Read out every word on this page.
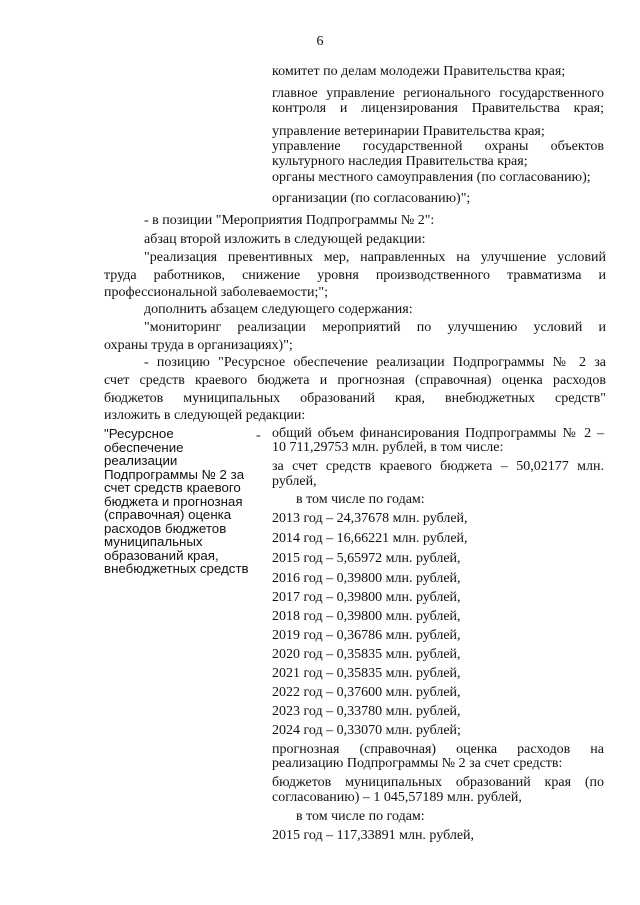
6
комитет по делам молодежи Правительства края;
главное управление регионального государственного контроля и лицензирования Правительства края;
управление ветеринарии Правительства края;
управление государственной охраны объектов культурного наследия Правительства края;
органы местного самоуправления (по согласованию);
организации (по согласованию)";
- в позиции "Мероприятия Подпрограммы № 2":
абзац второй изложить в следующей редакции:
"реализация превентивных мер, направленных на улучшение условий
труда работников, снижение уровня производственного травматизма и
профессиональной заболеваемости;";
дополнить абзацем следующего содержания:
"мониторинг реализации мероприятий по улучшению условий и
охраны труда в организациях)";
- позицию "Ресурсное обеспечение реализации Подпрограммы № 2 за
счет средств краевого бюджета и прогнозная (справочная) оценка расходов
бюджетов муниципальных образований края, внебюджетных средств"
изложить в следующей редакции:
"Ресурсное обеспечение реализации Подпрограммы № 2 за счет средств краевого бюджета и прогнозная (справочная) оценка расходов бюджетов муниципальных образований края, внебюджетных средств
- общий объем финансирования Подпрограммы № 2 –
10 711,29753 млн. рублей, в том числе:
за счет средств краевого бюджета – 50,02177 млн.
рублей,
в том числе по годам:
2013 год – 24,37678 млн. рублей,
2014 год – 16,66221 млн. рублей,
2015 год – 5,65972 млн. рублей,
2016 год – 0,39800 млн. рублей,
2017 год – 0,39800 млн. рублей,
2018 год – 0,39800 млн. рублей,
2019 год – 0,36786 млн. рублей,
2020 год – 0,35835 млн. рублей,
2021 год – 0,35835 млн. рублей,
2022 год – 0,37600 млн. рублей,
2023 год – 0,33780 млн. рублей,
2024 год – 0,33070 млн. рублей;
прогнозная (справочная) оценка расходов на
реализацию Подпрограммы № 2 за счет средств:
бюджетов муниципальных образований края (по
согласованию) – 1 045,57189 млн. рублей,
в том числе по годам:
2015 год – 117,33891 млн. рублей,
